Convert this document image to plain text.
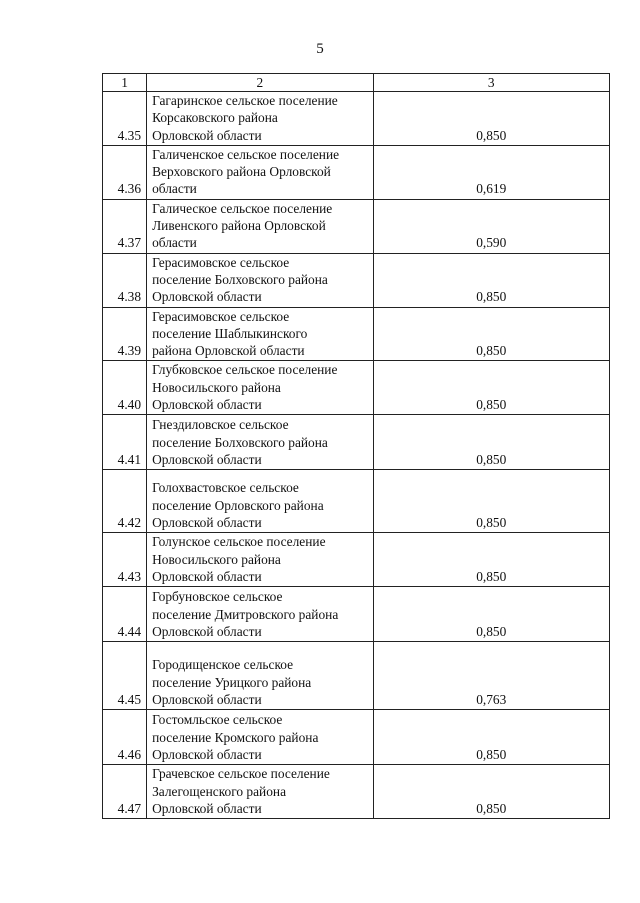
5
1	2	3
4.35	Гагаринское сельское поселение
Корсаковского района
Орловской области	0,850
4.36	Галиченское сельское поселение
Верховского района Орловской
области	0,619
4.37	Галическое сельское поселение
Ливенского района Орловской
области	0,590
4.38	Герасимовское сельское
поселение Болховского района
Орловской области	0,850
4.39	Герасимовское сельское
поселение Шаблыкинского
района Орловской области	0,850
4.40	Глубковское сельское поселение
Новосильского района
Орловской области	0,850
4.41	Гнездиловское сельское
поселение Болховского района
Орловской области	0,850
4.42	Голохвастовское сельское
поселение Орловского района
Орловской области	0,850
4.43	Голунское сельское поселение
Новосильского района
Орловской области	0,850
4.44	Горбуновское сельское
поселение Дмитровского района
Орловской области	0,850
4.45	Городищенское сельское
поселение Урицкого района
Орловской области	0,763
4.46	Гостомльское сельское
поселение Кромского района
Орловской области	0,850
4.47	Грачевское сельское поселение
Залегощенского района
Орловской области	0,850
